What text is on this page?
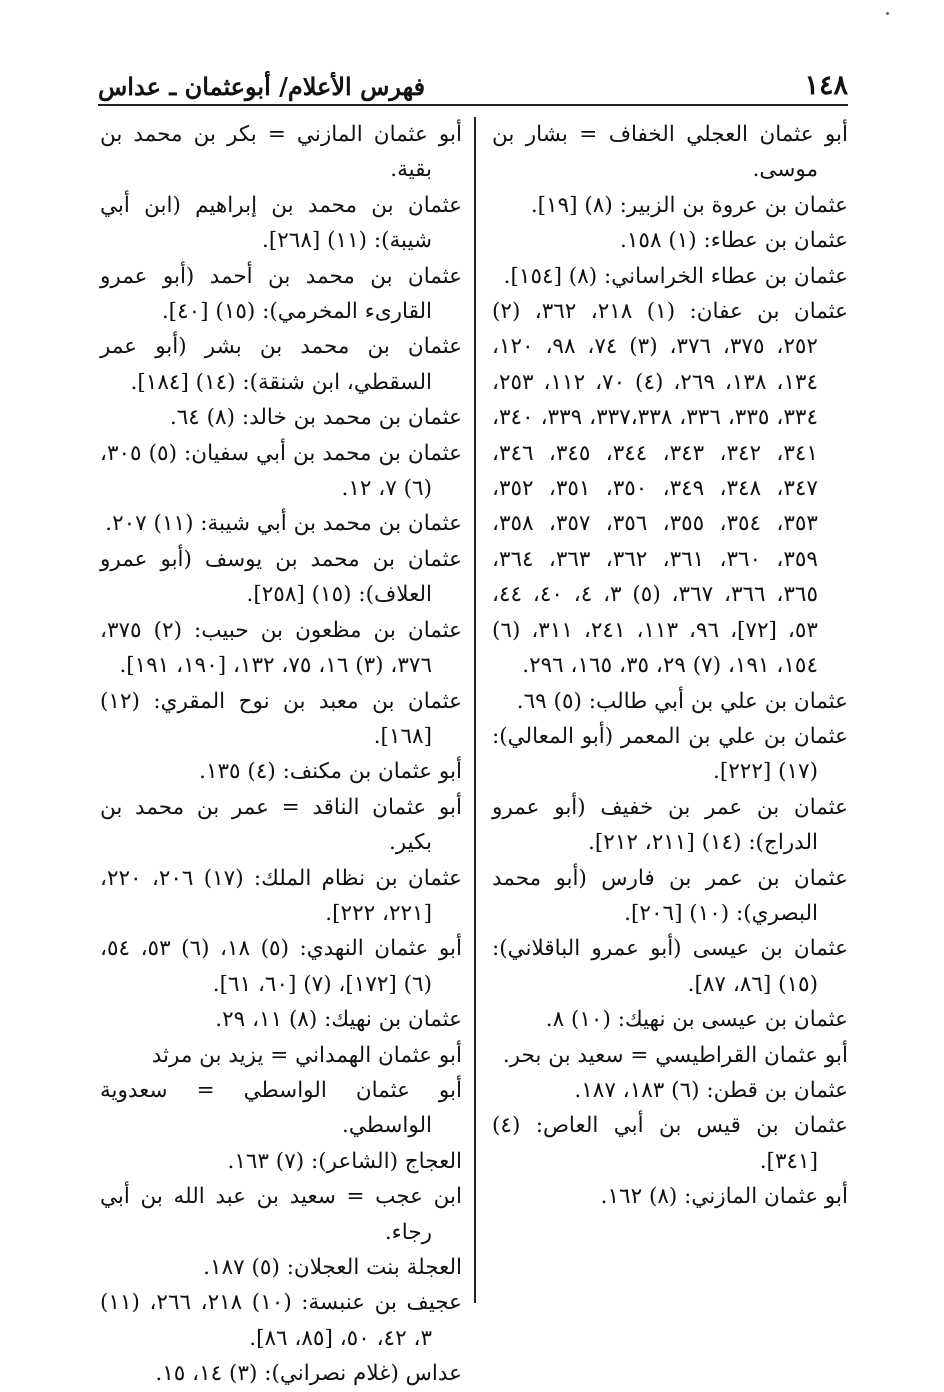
١٤٨
فهرس الأعلام/ أبوعثمان ـ عداس

أبو عثمان العجلي الخفاف = بشار بن موسى.

عثمان بن عروة بن الزبير: (٨) [١٩].

عثمان بن عطاء: (١) ١٥٨.

عثمان بن عطاء الخراساني: (٨) [١٥٤].

عثمان بن عفان: (١) ٢١٨، ٣٦٢، (٢) ٢٥٢، ٣٧٥، ٣٧٦، (٣) ٧٤، ٩٨، ١٢٠، ١٣٤، ١٣٨، ٢٦٩، (٤) ٧٠، ١١٢، ٢٥٣، ٣٣٤، ٣٣٥، ٣٣٦، ٣٣٧،٣٣٨، ٣٣٩، ٣٤٠، ٣٤١، ٣٤٢، ٣٤٣، ٣٤٤، ٣٤٥، ٣٤٦، ٣٤٧، ٣٤٨، ٣٤٩، ٣٥٠، ٣٥١، ٣٥٢، ٣٥٣، ٣٥٤، ٣٥٥، ٣٥٦، ٣٥٧، ٣٥٨، ٣٥٩، ٣٦٠، ٣٦١، ٣٦٢، ٣٦٣، ٣٦٤، ٣٦٥، ٣٦٦، ٣٦٧، (٥) ٣، ٤، ٤٠، ٤٤، ٥٣، [٧٢]، ٩٦، ١١٣، ٢٤١، ٣١١، (٦) ١٥٤، ١٩١، (٧) ٢٩، ٣٥، ١٦٥، ٢٩٦.

عثمان بن علي بن أبي طالب: (٥) ٦٩.

عثمان بن علي بن المعمر (أبو المعالي): (١٧) [٢٢٢].

عثمان بن عمر بن خفيف (أبو عمرو الدراج): (١٤) [٢١١، ٢١٢].

عثمان بن عمر بن فارس (أبو محمد البصري): (١٠) [٢٠٦].

عثمان بن عيسى (أبو عمرو الباقلاني): (١٥) [٨٦، ٨٧].

عثمان بن عيسى بن نهيك: (١٠) ٨.

أبو عثمان القراطيسي = سعيد بن بحر.

عثمان بن قطن: (٦) ١٨٣، ١٨٧.

عثمان بن قيس بن أبي العاص: (٤) [٣٤١].

أبو عثمان المازني: (٨) ١٦٢.

أبو عثمان المازني = بكر بن محمد بن بقية.

عثمان بن محمد بن إبراهيم (ابن أبي شيبة): (١١) [٢٦٨].

عثمان بن محمد بن أحمد (أبو عمرو القارىء المخرمي): (١٥) [٤٠].

عثمان بن محمد بن بشر (أبو عمر السقطي، ابن شنقة): (١٤) [١٨٤].

عثمان بن محمد بن خالد: (٨) ٦٤.

عثمان بن محمد بن أبي سفيان: (٥) ٣٠٥، (٦) ٧، ١٢.

عثمان بن محمد بن أبي شيبة: (١١) ٢٠٧.

عثمان بن محمد بن يوسف (أبو عمرو العلاف): (١٥) [٢٥٨].

عثمان بن مظعون بن حبيب: (٢) ٣٧٥، ٣٧٦، (٣) ١٦، ٧٥، ١٣٢، [١٩٠، ١٩١].

عثمان بن معبد بن نوح المقري: (١٢) [١٦٨].

أبو عثمان بن مكنف: (٤) ١٣٥.

أبو عثمان الناقد = عمر بن محمد بن بكير.

عثمان بن نظام الملك: (١٧) ٢٠٦، ٢٢٠، [٢٢١، ٢٢٢].

أبو عثمان النهدي: (٥) ١٨، (٦) ٥٣، ٥٤، (٦) [١٧٢]، (٧) [٦٠، ٦١].

عثمان بن نهيك: (٨) ١١، ٢٩.

أبو عثمان الهمداني = يزيد بن مرثد

أبو عثمان الواسطي = سعدوية الواسطي.

العجاج (الشاعر): (٧) ١٦٣.

ابن عجب = سعيد بن عبد الله بن أبي رجاء.

العجلة بنت العجلان: (٥) ١٨٧.

عجيف بن عنبسة: (١٠) ٢١٨، ٢٦٦، (١١) ٣، ٤٢، ٥٠، [٨٥، ٨٦].

عداس (غلام نصراني): (٣) ١٤، ١٥.
